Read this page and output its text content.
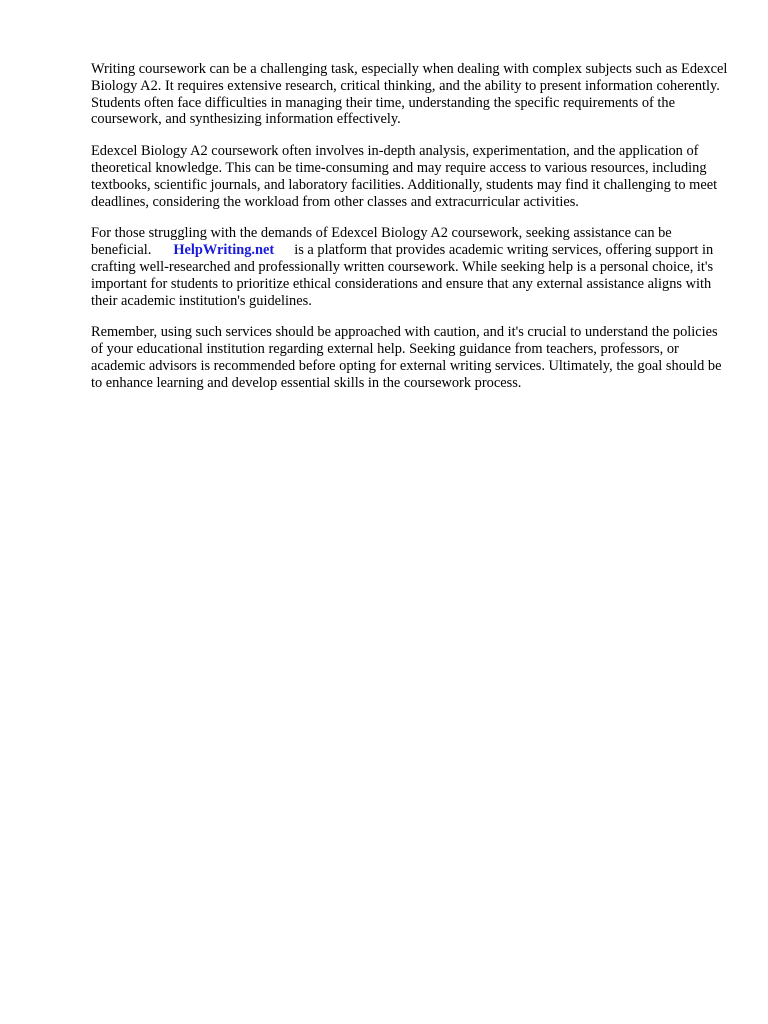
Writing coursework can be a challenging task, especially when dealing with complex subjects such as Edexcel Biology A2. It requires extensive research, critical thinking, and the ability to present information coherently. Students often face difficulties in managing their time, understanding the specific requirements of the coursework, and synthesizing information effectively.

Edexcel Biology A2 coursework often involves in-depth analysis, experimentation, and the application of theoretical knowledge. This can be time-consuming and may require access to various resources, including textbooks, scientific journals, and laboratory facilities. Additionally, students may find it challenging to meet deadlines, considering the workload from other classes and extracurricular activities.

For those struggling with the demands of Edexcel Biology A2 coursework, seeking assistance can be beneficial. HelpWriting.net is a platform that provides academic writing services, offering support in crafting well-researched and professionally written coursework. While seeking help is a personal choice, it's important for students to prioritize ethical considerations and ensure that any external assistance aligns with their academic institution's guidelines.

Remember, using such services should be approached with caution, and it's crucial to understand the policies of your educational institution regarding external help. Seeking guidance from teachers, professors, or academic advisors is recommended before opting for external writing services. Ultimately, the goal should be to enhance learning and develop essential skills in the coursework process.
